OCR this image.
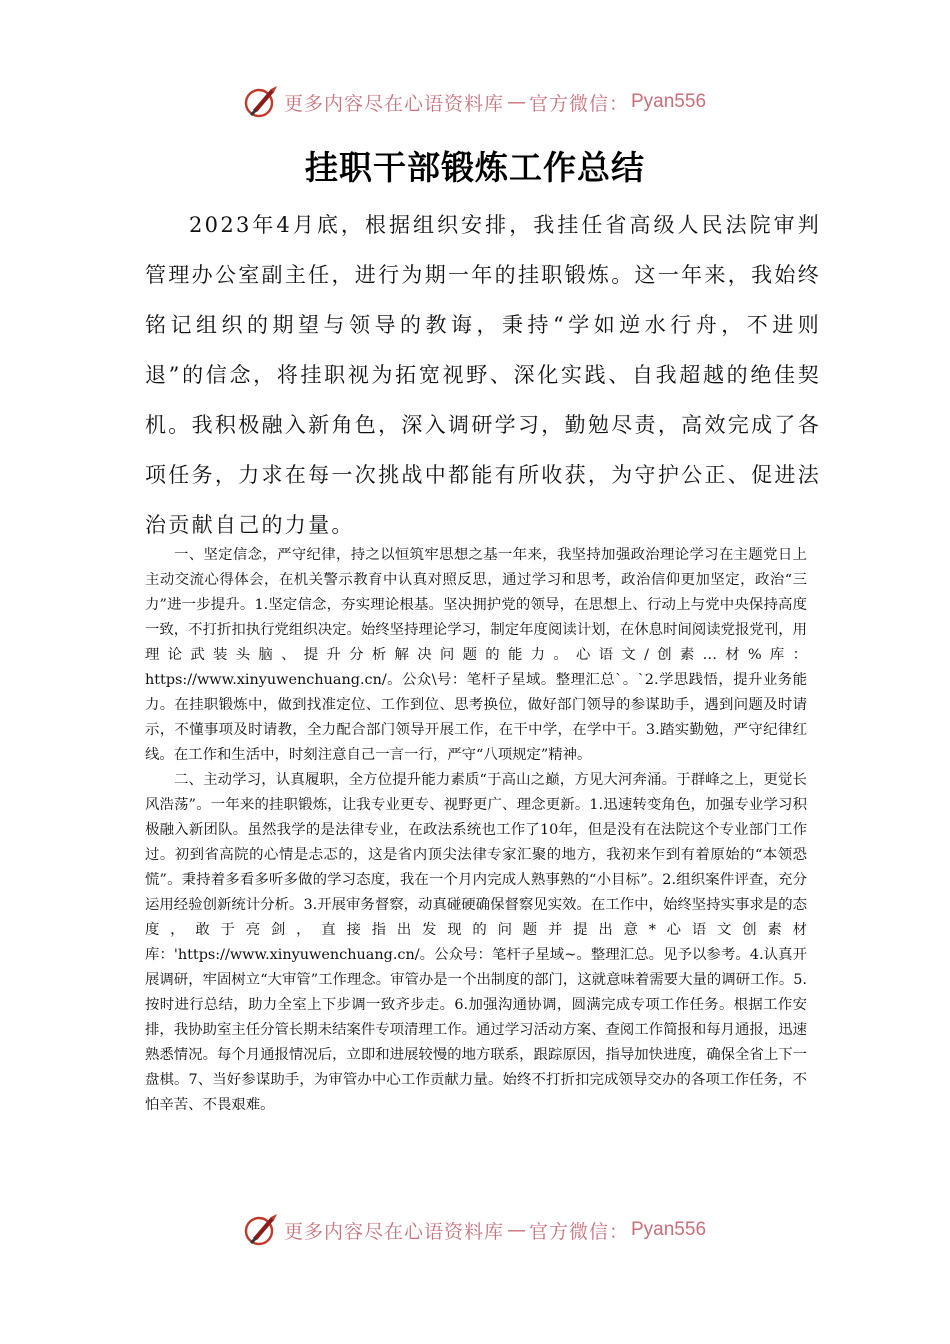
更多内容尽在心语资料库 — 官方微信： Pyan556
挂职干部锻炼工作总结

2023年4月底，根据组织安排，我挂任省高级人民法院审判管理办公室副主任，进行为期一年的挂职锻炼。这一年来，我始终铭记组织的期望与领导的教诲，秉持“学如逆水行舟，不进则退”的信念，将挂职视为拓宽视野、深化实践、自我超越的绝佳契机。我积极融入新角色，深入调研学习，勤勉尽责，高效完成了各项任务，力求在每一次挑战中都能有所收获，为守护公正、促进法治贡献自己的力量。

一、坚定信念，严守纪律，持之以恒筑牢思想之基一年来，我坚持加强政治理论学习在主题党日上主动交流心得体会，在机关警示教育中认真对照反思，通过学习和思考，政治信仰更加坚定，政治“三力”进一步提升。1.坚定信念，夯实理论根基。坚决拥护党的领导，在思想上、行动上与党中央保持高度一致，不打折扣执行党组织决定。始终坚持理论学习，制定年度阅读计划，在休息时间阅读党报党刊，用理论武装头脑、提升分析解决问题的能力。心语文/创素…材%库：https://www.xinyuwenchuang.cn/。公众\号：笔杆子星域。整理汇总`。`2.学思践悟，提升业务能力。在挂职锻炼中，做到找准定位、工作到位、思考换位，做好部门领导的参谋助手，遇到问题及时请示，不懂事项及时请教，全力配合部门领导开展工作，在干中学，在学中干。3.踏实勤勉，严守纪律红线。在工作和生活中，时刻注意自己一言一行，严守“八项规定”精神。

二、主动学习，认真履职，全方位提升能力素质“于高山之巅，方见大河奔涌。于群峰之上，更觉长风浩荡”。一年来的挂职锻炼，让我专业更专、视野更广、理念更新。1.迅速转变角色，加强专业学习积极融入新团队。虽然我学的是法律专业，在政法系统也工作了10年，但是没有在法院这个专业部门工作过。初到省高院的心情是忐忑的，这是省内顶尖法律专家汇聚的地方，我初来乍到有着原始的“本领恐慌”。秉持着多看多听多做的学习态度，我在一个月内完成人熟事熟的“小目标”。2.组织案件评查，充分运用经验创新统计分析。3.开展审务督察，动真碰硬确保督察见实效。在工作中，始终坚持实事求是的态度，敢于亮剑，直接指出发现的问题并提出意*心语文创素材库：'https://www.xinyuwenchuang.cn/。公众号：笔杆子星域~。整理汇总。见予以参考。4.认真开展调研，牢固树立“大审管”工作理念。审管办是一个出制度的部门，这就意味着需要大量的调研工作。5.按时进行总结，助力全室上下步调一致齐步走。6.加强沟通协调，圆满完成专项工作任务。根据工作安排，我协助室主任分管长期未结案件专项清理工作。通过学习活动方案、查阅工作简报和每月通报，迅速熟悉情况。每个月通报情况后，立即和进展较慢的地方联系，跟踪原因，指导加快进度，确保全省上下一盘棋。7、当好参谋助手，为审管办中心工作贡献力量。始终不打折扣完成领导交办的各项工作任务，不怕辛苦、不畏艰难。

更多内容尽在心语资料库 — 官方微信： Pyan556
